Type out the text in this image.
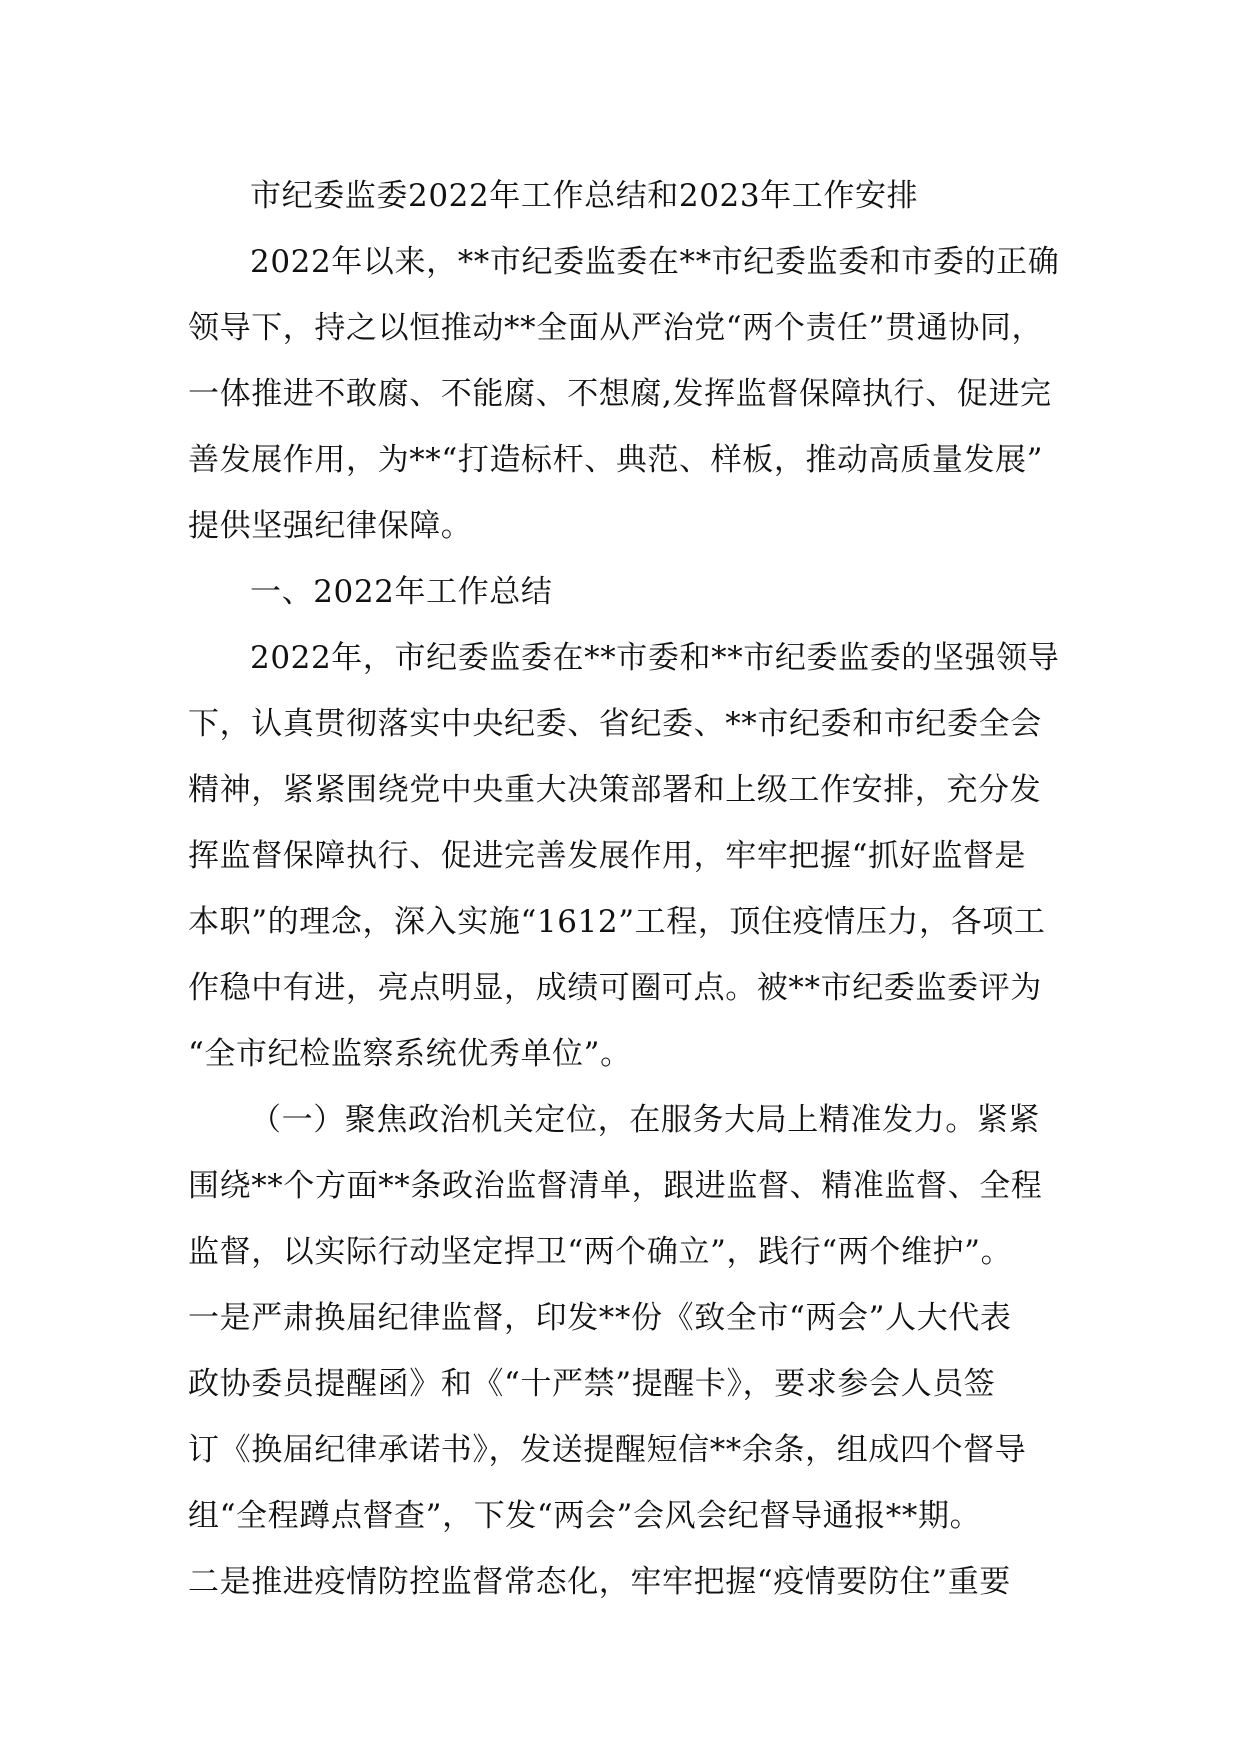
市纪委监委2022年工作总结和2023年工作安排
2022年以来，**市纪委监委在**市纪委监委和市委的正确
领导下，持之以恒推动**全面从严治党“两个责任”贯通协同，
一体推进不敢腐、不能腐、不想腐,发挥监督保障执行、促进完
善发展作用，为**“打造标杆、典范、样板，推动高质量发展”
提供坚强纪律保障。
一、2022年工作总结
2022年，市纪委监委在**市委和**市纪委监委的坚强领导
下，认真贯彻落实中央纪委、省纪委、**市纪委和市纪委全会
精神，紧紧围绕党中央重大决策部署和上级工作安排，充分发
挥监督保障执行、促进完善发展作用，牢牢把握“抓好监督是
本职”的理念，深入实施“1612”工程，顶住疫情压力，各项工
作稳中有进，亮点明显，成绩可圈可点。被**市纪委监委评为
“全市纪检监察系统优秀单位”。
（一）聚焦政治机关定位，在服务大局上精准发力。紧紧
围绕**个方面**条政治监督清单，跟进监督、精准监督、全程
监督，以实际行动坚定捍卫“两个确立”，践行“两个维护”。
一是严肃换届纪律监督，印发**份《致全市“两会”人大代表
政协委员提醒函》和《“十严禁”提醒卡》，要求参会人员签
订《换届纪律承诺书》，发送提醒短信**余条，组成四个督导
组“全程蹲点督查”，下发“两会”会风会纪督导通报**期。
二是推进疫情防控监督常态化，牢牢把握“疫情要防住”重要
